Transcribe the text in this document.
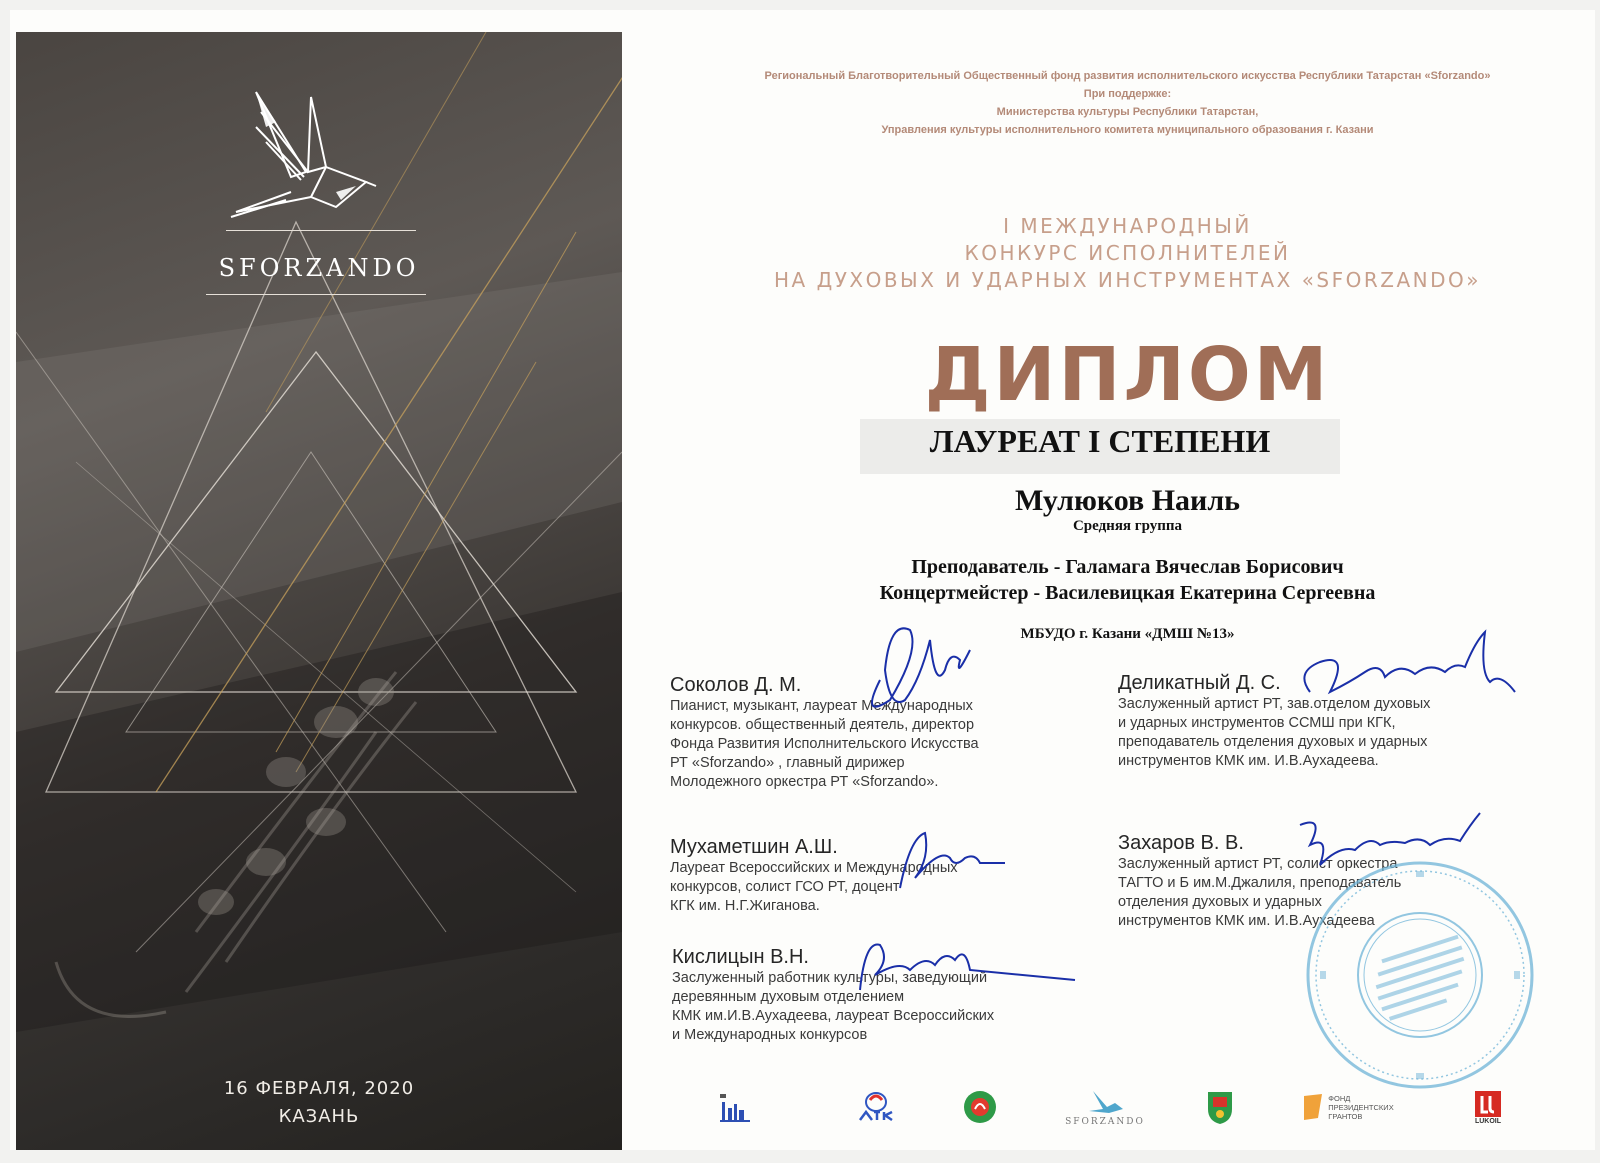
SFORZANDO
16 ФЕВРАЛЯ, 2020
КАЗАНЬ
Региональный Благотворительный Общественный фонд развития исполнительского искусства Республики Татарстан «Sforzando»
При поддержке:
Министерства культуры Республики Татарстан,
Управления культуры исполнительного комитета муниципального образования г. Казани
I МЕЖДУНАРОДНЫЙ
КОНКУРС ИСПОЛНИТЕЛЕЙ
НА ДУХОВЫХ И УДАРНЫХ ИНСТРУМЕНТАХ «SFORZANDO»
ДИПЛОМ
ЛАУРЕАТ I СТЕПЕНИ
Мулюков Наиль
Средняя группа
Преподаватель - Галамага Вячеслав Борисович
Концертмейстер - Василевицкая Екатерина Сергеевна
МБУДО г. Казани «ДМШ №13»
Соколов Д. М.
Пианист, музыкант, лауреат Международных
конкурсов. общественный деятель, директор
Фонда Развития Исполнительского Искусства
РТ «Sforzando» , главный дирижер
Молодежного оркестра РТ «Sforzando».
Деликатный Д. С.
Заслуженный артист РТ, зав.отделом духовых
и ударных инструментов ССМШ при КГК,
преподаватель отделения духовых и ударных
инструментов КМК им. И.В.Аухадеева.
Мухаметшин А.Ш.
Лауреат Всероссийских и Международных
конкурсов, солист ГСО РТ, доцент
КГК им. Н.Г.Жиганова.
Захаров В. В.
Заслуженный артист РТ, солист оркестра
ТАГТО и Б им.М.Джалиля, преподаватель
отделения духовых и ударных
инструментов КМК им. И.В.Аухадеева
Кислицын В.Н.
Заслуженный работник культуры, заведующий
деревянным духовым отделением
КМК им.И.В.Аухадеева, лауреат Всероссийских
и Международных конкурсов
SFORZANDO
ФОНД
ПРЕЗИДЕНТСКИХ
ГРАНТОВ
LUKOIL
